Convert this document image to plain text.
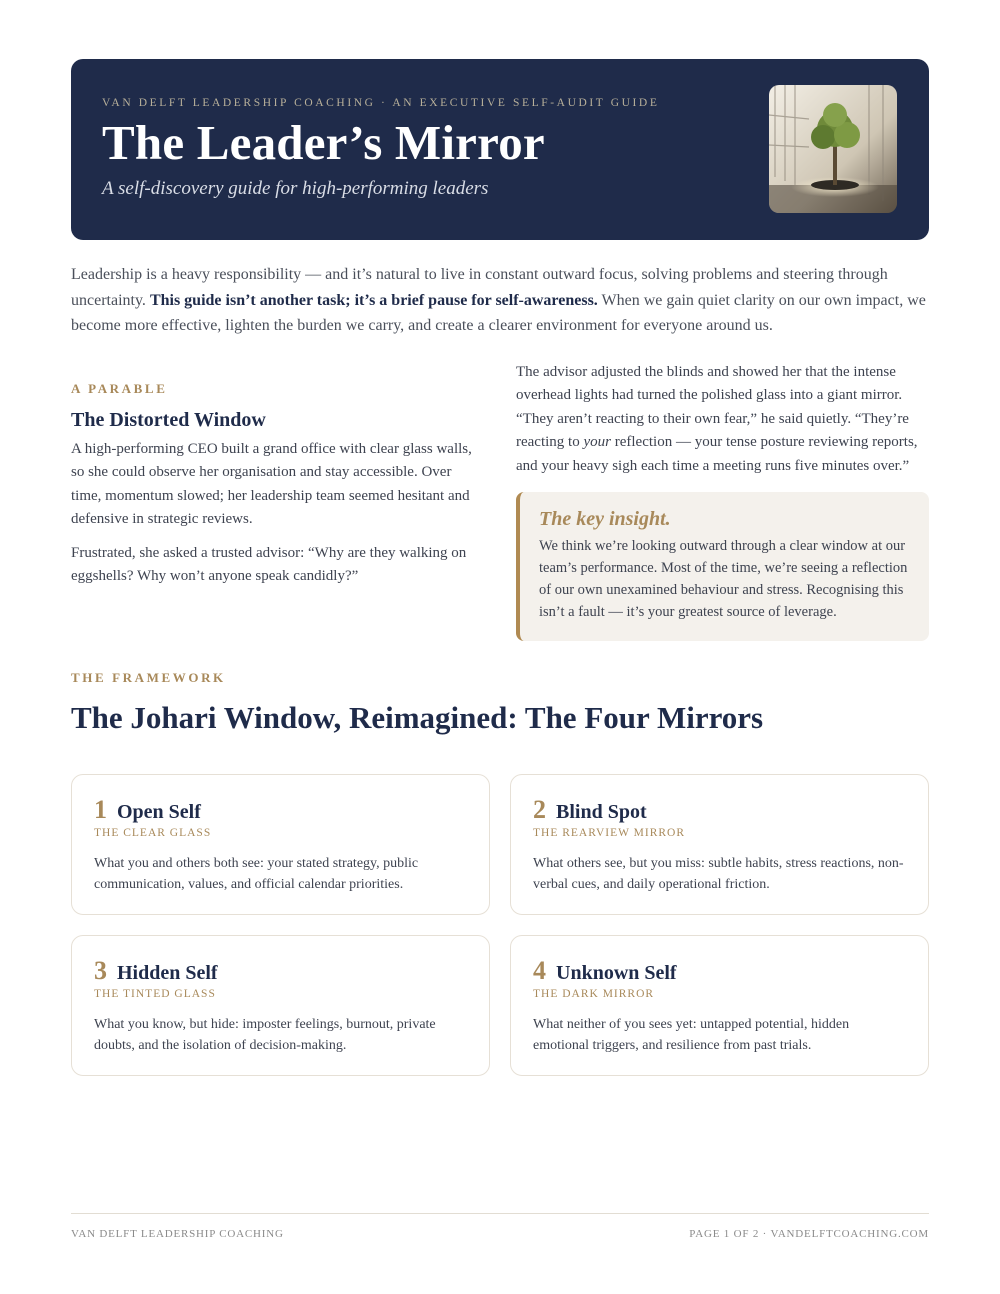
VAN DELFT LEADERSHIP COACHING · AN EXECUTIVE SELF-AUDIT GUIDE
The Leader’s Mirror
A self-discovery guide for high-performing leaders

Leadership is a heavy responsibility — and it’s natural to live in constant outward focus, solving problems and steering through uncertainty. This guide isn’t another task; it’s a brief pause for self-awareness. When we gain quiet clarity on our own impact, we become more effective, lighten the burden we carry, and create a clearer environment for everyone around us.

A PARABLE
The Distorted Window

A high-performing CEO built a grand office with clear glass walls, so she could observe her organisation and stay accessible. Over time, momentum slowed; her leadership team seemed hesitant and defensive in strategic reviews.

Frustrated, she asked a trusted advisor: “Why are they walking on eggshells? Why won’t anyone speak candidly?”

The advisor adjusted the blinds and showed her that the intense overhead lights had turned the polished glass into a giant mirror. “They aren’t reacting to their own fear,” he said quietly. “They’re reacting to your reflection — your tense posture reviewing reports, and your heavy sigh each time a meeting runs five minutes over.”

The key insight.

We think we’re looking outward through a clear window at our team’s performance. Most of the time, we’re seeing a reflection of our own unexamined behaviour and stress. Recognising this isn’t a fault — it’s your greatest source of leverage.

THE FRAMEWORK
The Johari Window, Reimagined: The Four Mirrors
1 Open Self
THE CLEAR GLASS

What you and others both see: your stated strategy, public communication, values, and official calendar priorities.

2 Blind Spot
THE REARVIEW MIRROR

What others see, but you miss: subtle habits, stress reactions, non-verbal cues, and daily operational friction.

3 Hidden Self
THE TINTED GLASS

What you know, but hide: imposter feelings, burnout, private doubts, and the isolation of decision-making.

4 Unknown Self
THE DARK MIRROR

What neither of you sees yet: untapped potential, hidden emotional triggers, and resilience from past trials.

VAN DELFT LEADERSHIP COACHING	PAGE 1 OF 2 · VANDELFTCOACHING.COM
